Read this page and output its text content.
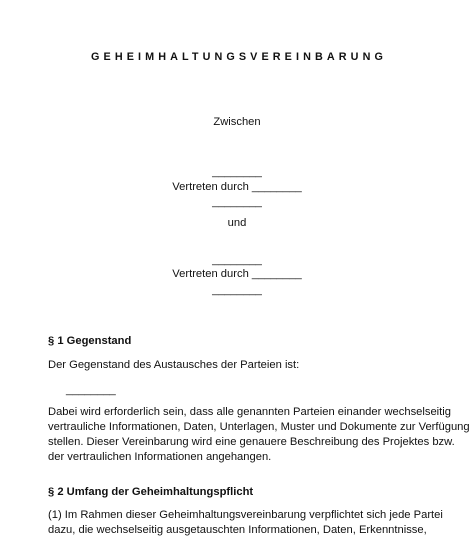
GEHEIMHALTUNGSVEREINBARUNG
Zwischen
________
Vertreten durch ________
________
und
________
Vertreten durch ________
________
§ 1 Gegenstand
Der Gegenstand des Austausches der Parteien ist:
________
Dabei wird erforderlich sein, dass alle genannten Parteien einander wechselseitig
vertrauliche Informationen, Daten, Unterlagen, Muster und Dokumente zur Verfügung
stellen. Dieser Vereinbarung wird eine genauere Beschreibung des Projektes bzw.
der vertraulichen Informationen angehangen.
§ 2 Umfang der Geheimhaltungspflicht
(1) Im Rahmen dieser Geheimhaltungsvereinbarung verpflichtet sich jede Partei
dazu, die wechselseitig ausgetauschten Informationen, Daten, Erkenntnisse,
